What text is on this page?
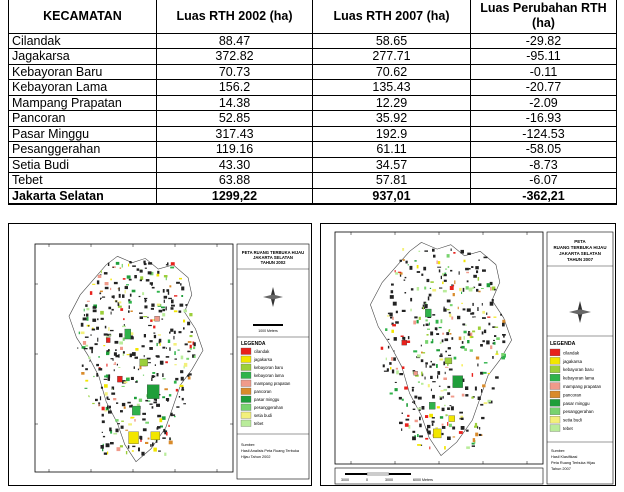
KECAMATAN	Luas RTH 2002 (ha)	Luas RTH 2007 (ha)	Luas Perubahan RTH (ha)
Cilandak	88.47	58.65	-29.82
Jagakarsa	372.82	277.71	-95.11
Kebayoran Baru	70.73	70.62	-0.11
Kebayoran Lama	156.2	135.43	-20.77
Mampang Prapatan	14.38	12.29	-2.09
Pancoran	52.85	35.92	-16.93
Pasar Minggu	317.43	192.9	-124.53
Pesanggerahan	119.16	61.11	-58.05
Setia Budi	43.30	34.57	-8.73
Tebet	63.88	57.81	-6.07
Jakarta Selatan	1299,22	937,01	-362,21
PETA RUANG TERBUKA HIJAU
JAKARTA SELATAN
TAHUN 2002
1000 Meters
LEGENDA
cilandak
jagakarsa
kebayoran baru
kebayoran lama
mampang prapatan
pancoran
pasar minggu
pesanggerahan
setia budi
tebet
Sumber:
Hasil Analisis Peta Ruang Terbuka
Hijau Tahun 2002
3000	0	3000	6000 Meters
PETA
RUANG TERBUKA HIJAU
JAKARTA SELATAN
TAHUN 2007
LEGENDA
cilandak
jagakarsa
kebayoran baru
kebayoran lama
mampang prapatan
pancoran
pasar minggu
pesanggerahan
setia budi
tebet
Sumber:
Hasil Klasifikasi
Peta Ruang Terbuka Hijau
Tahun 2007
